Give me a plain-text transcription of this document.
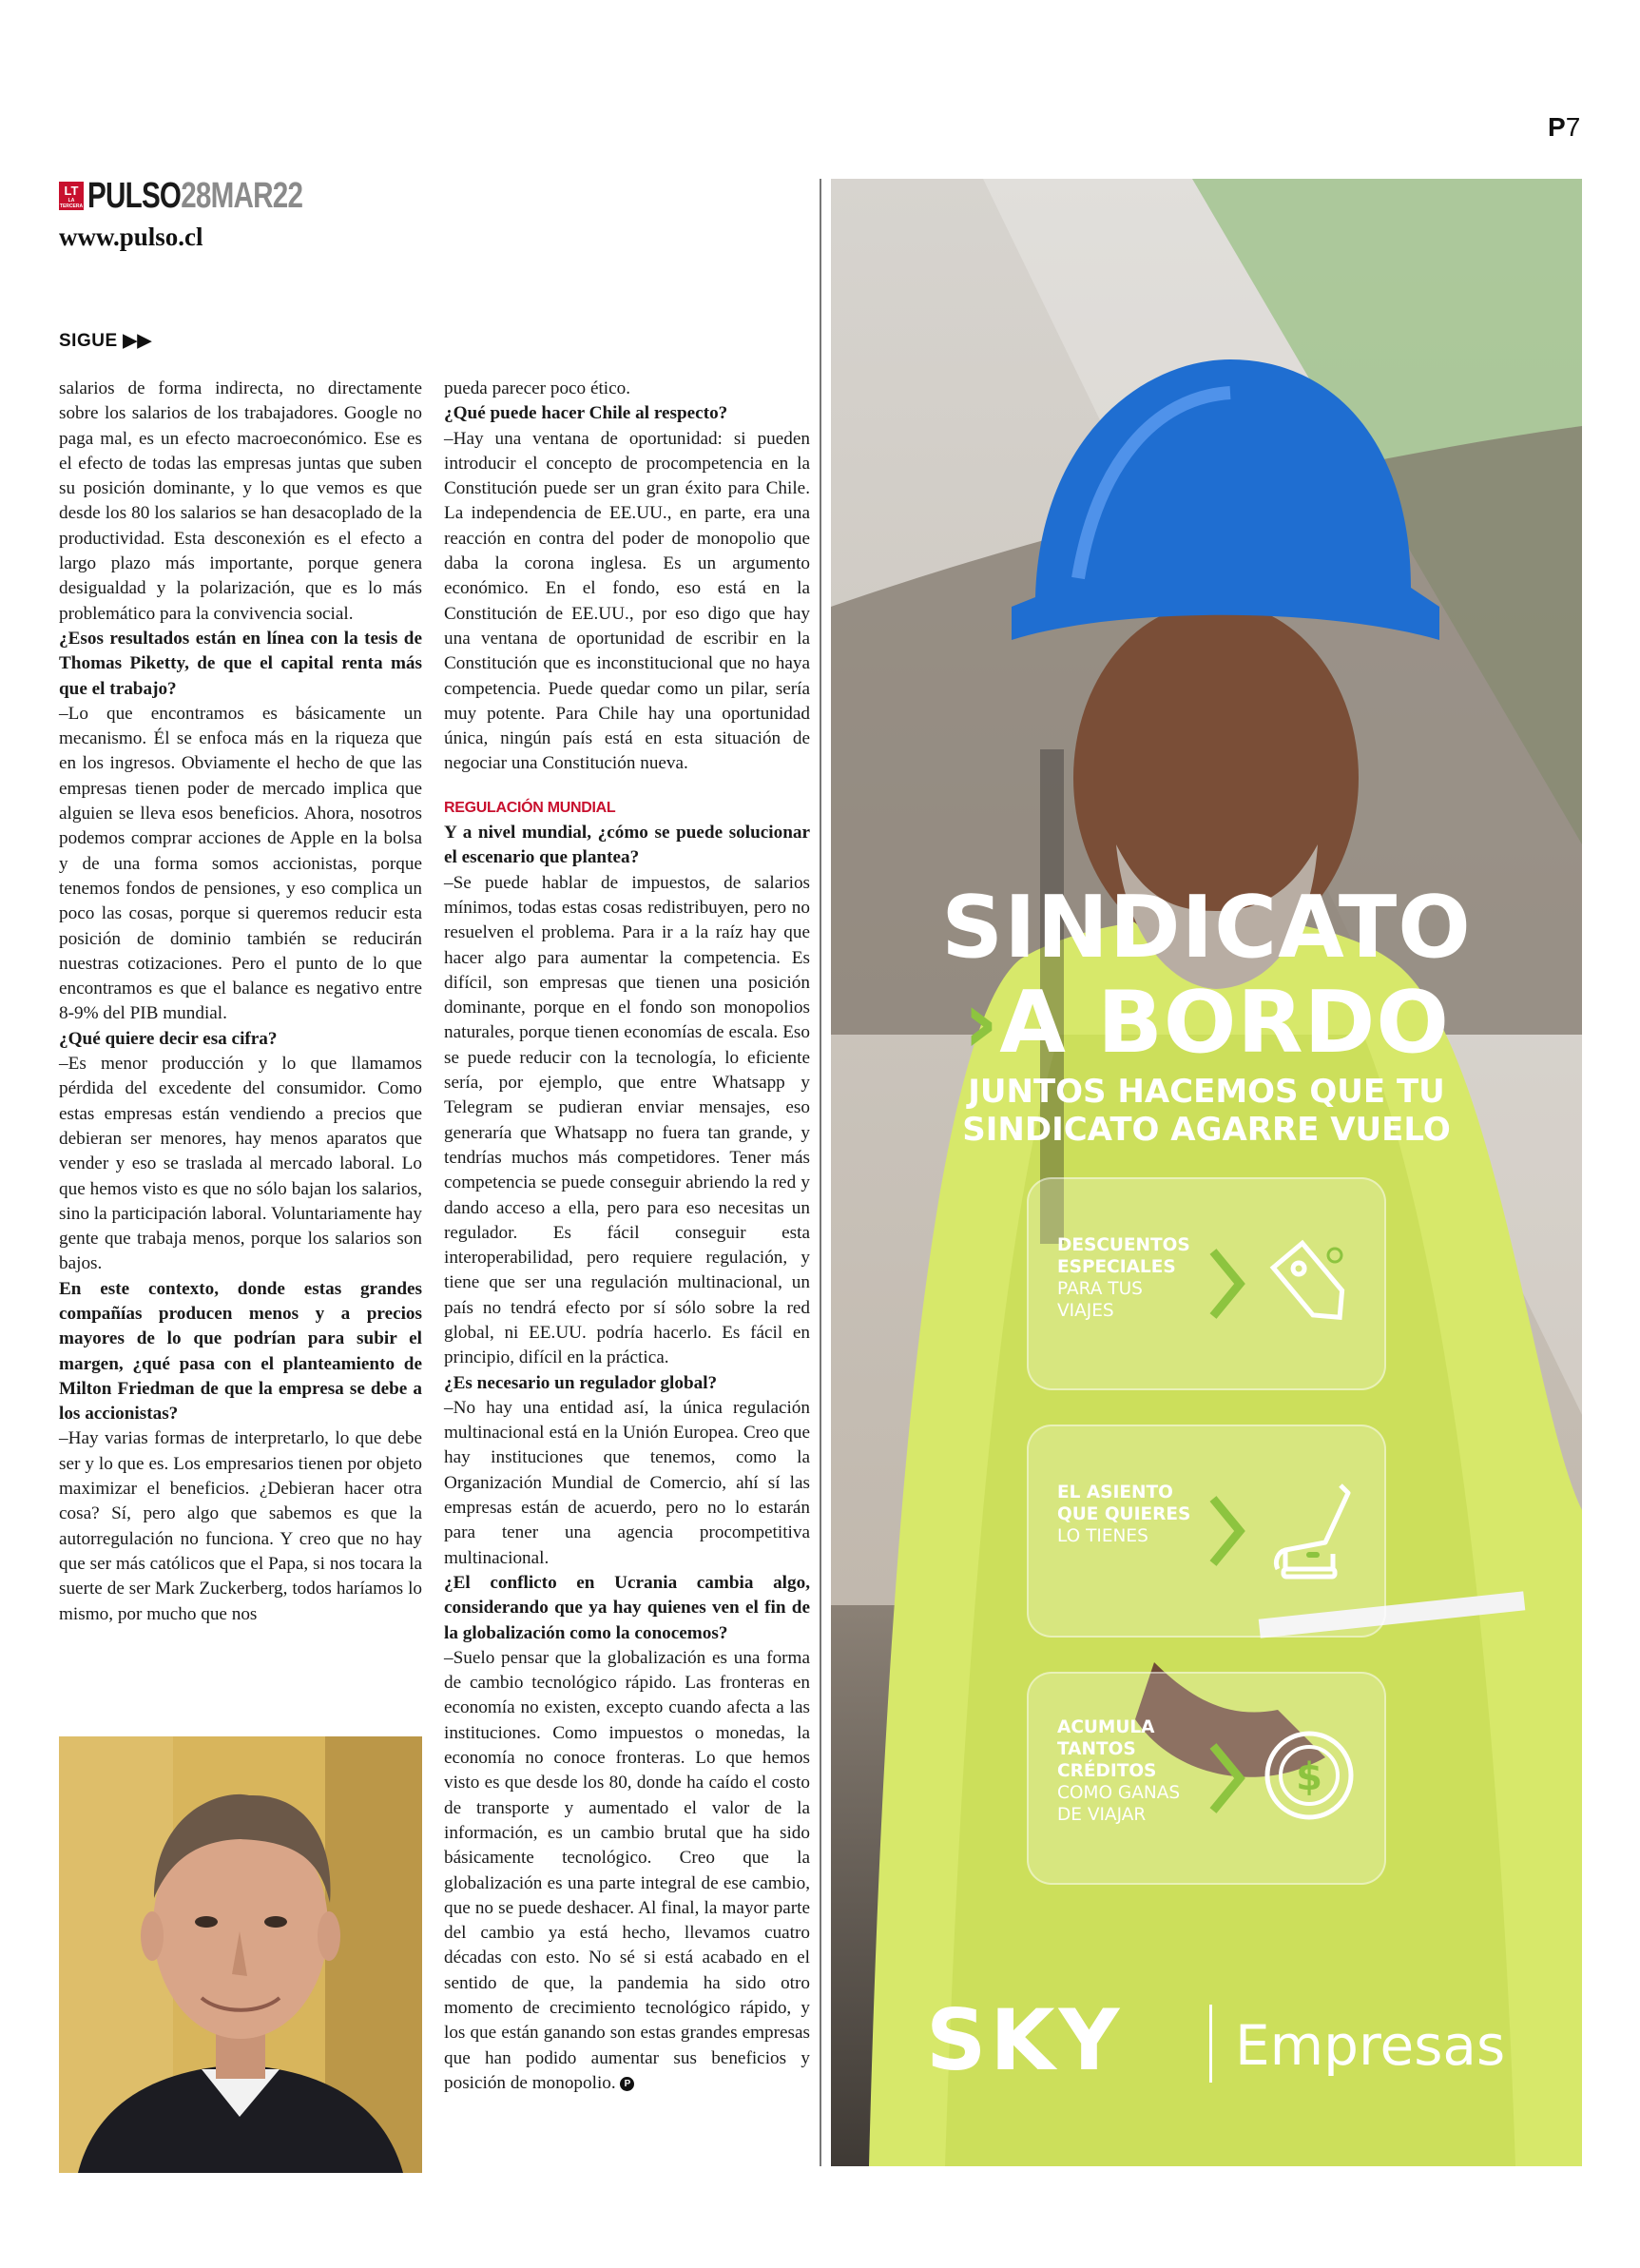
P7
LT
LA TERCERA PULSO28MAR22
www.pulso.cl
SIGUE ▶▶

salarios de forma indirecta, no directamente sobre los salarios de los trabajadores. Google no paga mal, es un efecto macroeconómico. Ese es el efecto de todas las empresas juntas que suben su posición dominante, y lo que vemos es que desde los 80 los salarios se han desacoplado de la productividad. Esta desconexión es el efecto a largo plazo más importante, porque genera desigualdad y la polarización, que es lo más problemático para la convivencia social.

¿Esos resultados están en línea con la tesis de Thomas Piketty, de que el capital renta más que el trabajo?

–Lo que encontramos es básicamente un mecanismo. Él se enfoca más en la riqueza que en los ingresos. Obviamente el hecho de que las empresas tienen poder de mercado implica que alguien se lleva esos beneficios. Ahora, nosotros podemos comprar acciones de Apple en la bolsa y de una forma somos accionistas, porque tenemos fondos de pensiones, y eso complica un poco las cosas, porque si queremos reducir esta posición de dominio también se reducirán nuestras cotizaciones. Pero el punto de lo que encontramos es que el balance es negativo entre 8-9% del PIB mundial.

¿Qué quiere decir esa cifra?

–Es menor producción y lo que llamamos pérdida del excedente del consumidor. Como estas empresas están vendiendo a precios que debieran ser menores, hay menos aparatos que vender y eso se traslada al mercado laboral. Lo que hemos visto es que no sólo bajan los salarios, sino la participación laboral. Voluntariamente hay gente que trabaja menos, porque los salarios son bajos.

En este contexto, donde estas grandes compañías producen menos y a precios mayores de lo que podrían para subir el margen, ¿qué pasa con el planteamiento de Milton Friedman de que la empresa se debe a los accionistas?

–Hay varias formas de interpretarlo, lo que debe ser y lo que es. Los empresarios tienen por objeto maximizar el beneficios. ¿Debieran hacer otra cosa? Sí, pero algo que sabemos es que la autorregulación no funciona. Y creo que no hay que ser más católicos que el Papa, si nos tocara la suerte de ser Mark Zuckerberg, todos haríamos lo mismo, por mucho que nos

pueda parecer poco ético.

¿Qué puede hacer Chile al respecto?

–Hay una ventana de oportunidad: si pueden introducir el concepto de procompetencia en la Constitución puede ser un gran éxito para Chile. La independencia de EE.UU., en parte, era una reacción en contra del poder de monopolio que daba la corona inglesa. Es un argumento económico. En el fondo, eso está en la Constitución de EE.UU., por eso digo que hay una ventana de oportunidad de escribir en la Constitución que es inconstitucional que no haya competencia. Puede quedar como un pilar, sería muy potente. Para Chile hay una oportunidad única, ningún país está en esta situación de negociar una Constitución nueva.

REGULACIÓN MUNDIAL

Y a nivel mundial, ¿cómo se puede solucionar el escenario que plantea?

–Se puede hablar de impuestos, de salarios mínimos, todas estas cosas redistribuyen, pero no resuelven el problema. Para ir a la raíz hay que hacer algo para aumentar la competencia. Es difícil, son empresas que tienen una posición dominante, porque en el fondo son monopolios naturales, porque tienen economías de escala. Eso se puede reducir con la tecnología, lo eficiente sería, por ejemplo, que entre Whatsapp y Telegram se pudieran enviar mensajes, eso generaría que Whatsapp no fuera tan grande, y tendrías muchos más competidores. Tener más competencia se puede conseguir abriendo la red y dando acceso a ella, pero para eso necesitas un regulador. Es fácil conseguir esta interoperabilidad, pero requiere regulación, y tiene que ser una regulación multinacional, un país no tendrá efecto por sí sólo sobre la red global, ni EE.UU. podría hacerlo. Es fácil en principio, difícil en la práctica.

¿Es necesario un regulador global?

–No hay una entidad así, la única regulación multinacional está en la Unión Europea. Creo que hay instituciones que tenemos, como la Organización Mundial de Comercio, ahí sí las empresas están de acuerdo, pero no lo estarán para tener una agencia procompetitiva multinacional.

¿El conflicto en Ucrania cambia algo, considerando que ya hay quienes ven el fin de la globalización como la conocemos?

–Suelo pensar que la globalización es una forma de cambio tecnológico rápido. Las fronteras en economía no existen, excepto cuando afecta a las instituciones. Como impuestos o monedas, la economía no conoce fronteras. Lo que hemos visto es que desde los 80, donde ha caído el costo de transporte y aumentado el valor de la información, es un cambio brutal que ha sido básicamente tecnológico. Creo que la globalización es una parte integral de ese cambio, que no se puede deshacer. Al final, la mayor parte del cambio ya está hecho, llevamos cuatro décadas con esto. No sé si está acabado en el sentido de que, la pandemia ha sido otro momento de crecimiento tecnológico rápido, y los que están ganando son estas grandes empresas que han podido aumentar sus beneficios y posición de monopolio. P

SINDICATO
›A BORDO
JUNTOS HACEMOS QUE TU
SINDICATO AGARRE VUELO
DESCUENTOS
ESPECIALES
PARA TUS
VIAJES
EL ASIENTO
QUE QUIERES
LO TIENES
ACUMULA
TANTOS
CRÉDITOS
COMO GANAS
DE VIAJAR
$
SKY Empresas
